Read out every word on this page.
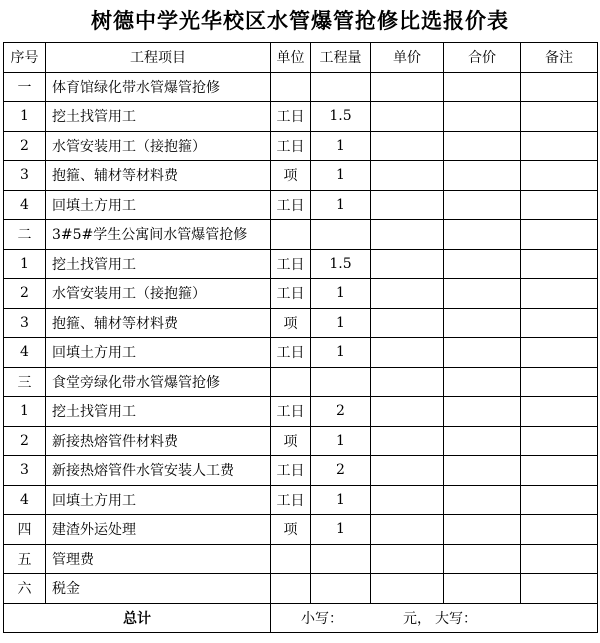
树德中学光华校区水管爆管抢修比选报价表
序号	工程项目	单位	工程量	单价	合价	备注
一	体育馆绿化带水管爆管抢修					
1	挖土找管用工	工日	1.5			
2	水管安装用工（接抱箍）	工日	1			
3	抱箍、辅材等材料费	项	1			
4	回填土方用工	工日	1			
二	3#5#学生公寓间水管爆管抢修					
1	挖土找管用工	工日	1.5			
2	水管安装用工（接抱箍）	工日	1			
3	抱箍、辅材等材料费	项	1			
4	回填土方用工	工日	1			
三	食堂旁绿化带水管爆管抢修					
1	挖土找管用工	工日	2			
2	新接热熔管件材料费	项	1			
3	新接热熔管件水管安装人工费	工日	2			
4	回填土方用工	工日	1			
四	建渣外运处理	项	1			
五	管理费					
六	税金					
总计		小写： 元， 大写：				
